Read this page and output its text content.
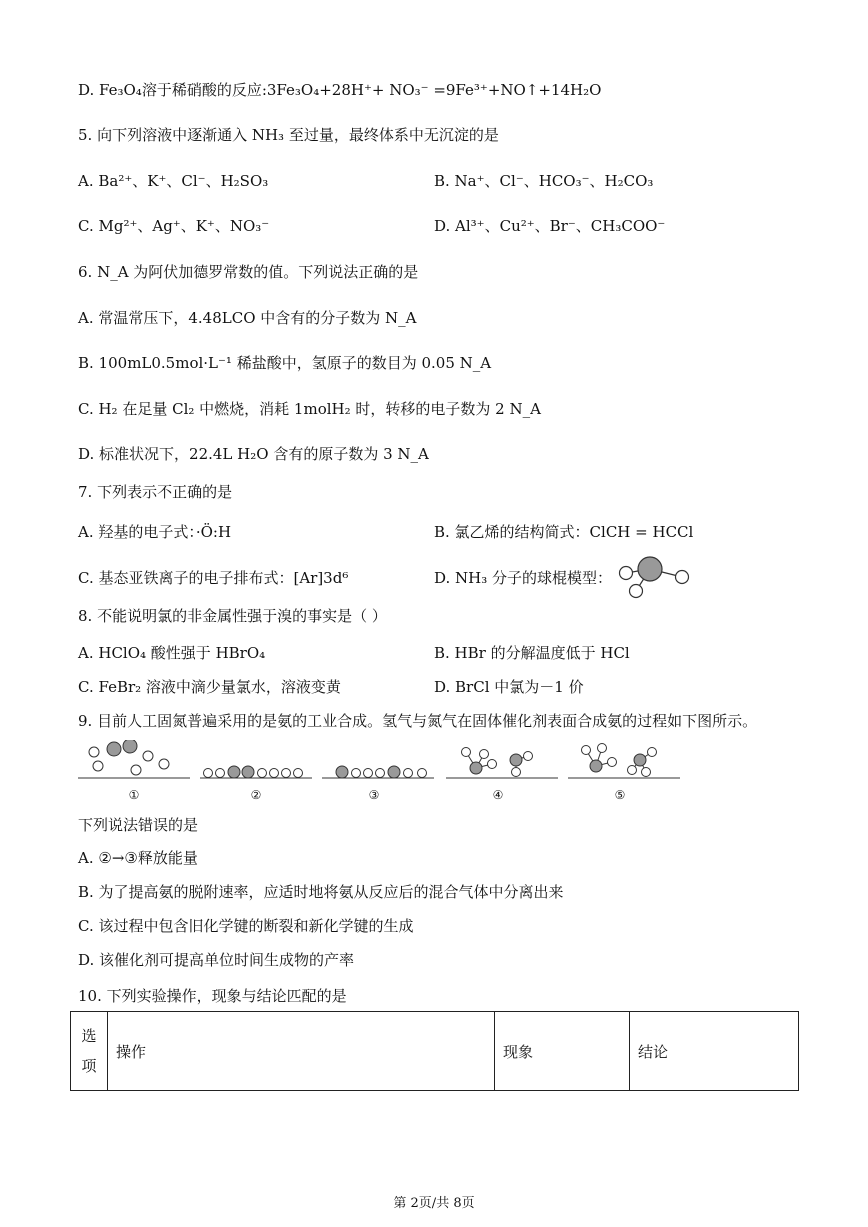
D. Fe₃O₄溶于稀硝酸的反应:3Fe₃O₄+28H⁺+ NO₃⁻ =9Fe³⁺+NO↑+14H₂O
5. 向下列溶液中逐渐通入 NH₃ 至过量，最终体系中无沉淀的是
A. Ba²⁺、K⁺、Cl⁻、H₂SO₃	B. Na⁺、Cl⁻、HCO₃⁻、H₂CO₃
C. Mg²⁺、Ag⁺、K⁺、NO₃⁻	D. Al³⁺、Cu²⁺、Br⁻、CH₃COO⁻
6. N_A 为阿伏加德罗常数的值。下列说法正确的是
A. 常温常压下，4.48LCO 中含有的分子数为 N_A
B. 100mL0.5mol·L⁻¹ 稀盐酸中，氢原子的数目为 0.05 N_A
C. H₂ 在足量 Cl₂ 中燃烧，消耗 1molH₂ 时，转移的电子数为 2 N_A
D. 标准状况下，22.4L H₂O 含有的原子数为 3 N_A
7. 下列表示不正确的是
A. 羟基的电子式：·Ö:H	B. 氯乙烯的结构简式：ClCH = HCCl
C. 基态亚铁离子的电子排布式：[Ar]3d⁶	D. NH₃ 分子的球棍模型：
8. 不能说明氯的非金属性强于溴的事实是（ ）
A. HClO₄ 酸性强于 HBrO₄	B. HBr 的分解温度低于 HCl
C. FeBr₂ 溶液中滴少量氯水，溶液变黄	D. BrCl 中氯为－1 价
9. 目前人工固氮普遍采用的是氨的工业合成。氢气与氮气在固体催化剂表面合成氨的过程如下图所示。
①	②	③	④	⑤
下列说法错误的是
A. ②→③释放能量
B. 为了提高氨的脱附速率，应适时地将氨从反应后的混合气体中分离出来
C. 该过程中包含旧化学键的断裂和新化学键的生成
D. 该催化剂可提高单位时间生成物的产率
10. 下列实验操作，现象与结论匹配的是
选
项	操作	现象	结论
第 2页/共 8页
